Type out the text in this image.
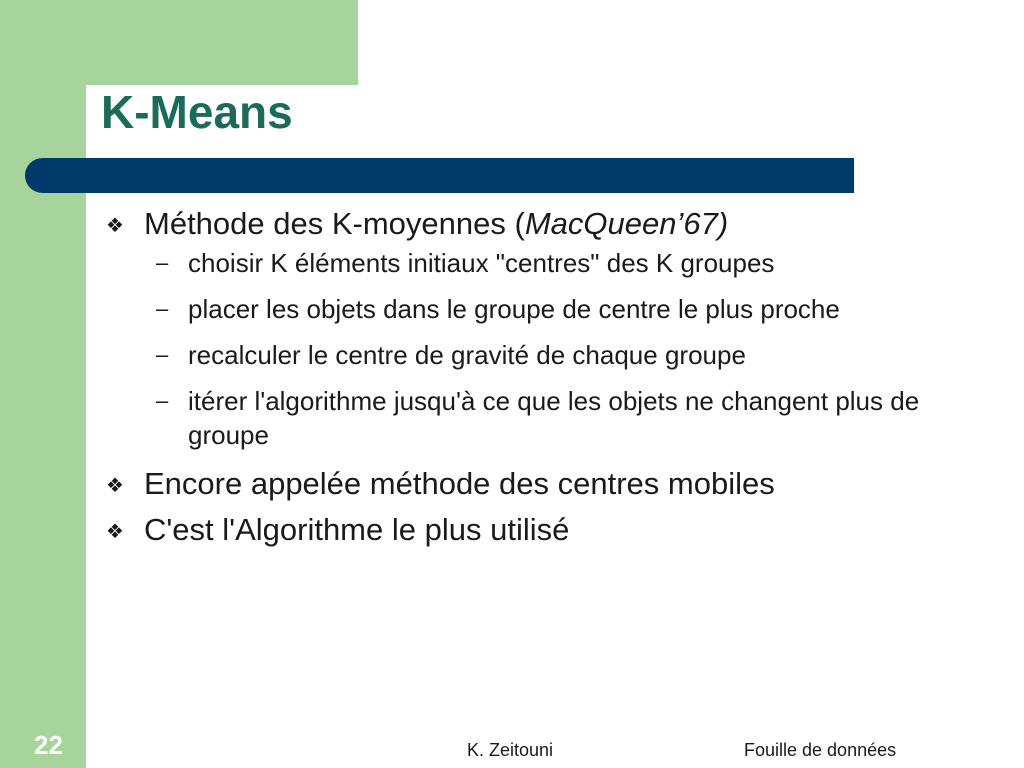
K-Means

❖ Méthode des K-moyennes (MacQueen’67)

– choisir K éléments initiaux "centres" des K groupes

– placer les objets dans le groupe de centre le plus proche

– recalculer le centre de gravité de chaque groupe

– itérer l'algorithme jusqu'à ce que les objets ne changent plus de groupe

❖ Encore appelée méthode des centres mobiles

❖ C'est l'Algorithme le plus utilisé

22	K. Zeitouni	Fouille de données
